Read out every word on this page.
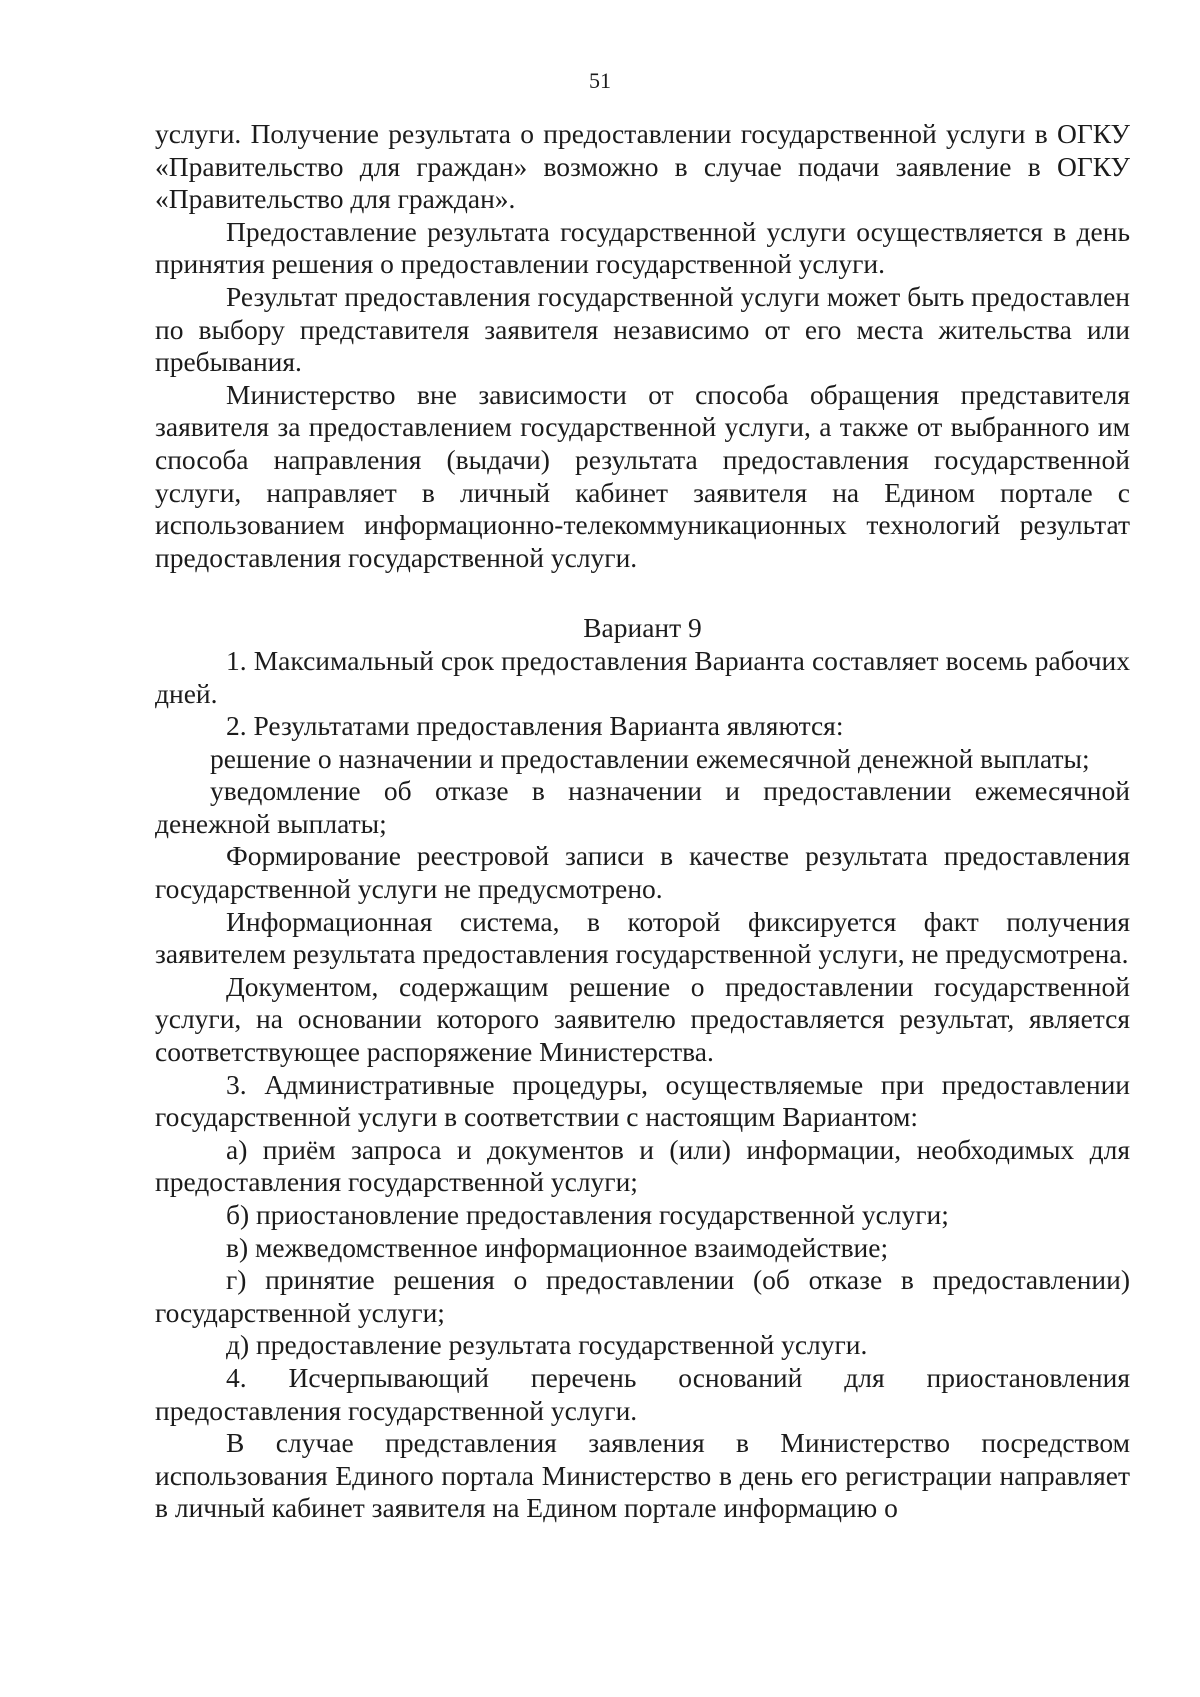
51

услуги. Получение результата о предоставлении государственной услуги в ОГКУ «Правительство для граждан» возможно в случае подачи заявление в ОГКУ «Правительство для граждан».

Предоставление результата государственной услуги осуществляется в день принятия решения о предоставлении государственной услуги.

Результат предоставления государственной услуги может быть предоставлен по выбору представителя заявителя независимо от его места жительства или пребывания.

Министерство вне зависимости от способа обращения представителя заявителя за предоставлением государственной услуги, а также от выбранного им способа направления (выдачи) результата предоставления государственной услуги, направляет в личный кабинет заявителя на Едином портале с использованием информационно-телекоммуникационных технологий результат предоставления государственной услуги.

Вариант 9

1. Максимальный срок предоставления Варианта составляет восемь рабочих дней.

2. Результатами предоставления Варианта являются:

решение о назначении и предоставлении ежемесячной денежной выплаты;

уведомление об отказе в назначении и предоставлении ежемесячной денежной выплаты;

Формирование реестровой записи в качестве результата предоставления государственной услуги не предусмотрено.

Информационная система, в которой фиксируется факт получения заявителем результата предоставления государственной услуги, не предусмотрена.

Документом, содержащим решение о предоставлении государственной услуги, на основании которого заявителю предоставляется результат, является соответствующее распоряжение Министерства.

3. Административные процедуры, осуществляемые при предоставлении государственной услуги в соответствии с настоящим Вариантом:

а) приём запроса и документов и (или) информации, необходимых для предоставления государственной услуги;

б) приостановление предоставления государственной услуги;

в) межведомственное информационное взаимодействие;

г) принятие решения о предоставлении (об отказе в предоставлении) государственной услуги;

д) предоставление результата государственной услуги.

4. Исчерпывающий перечень оснований для приостановления предоставления государственной услуги.

В случае представления заявления в Министерство посредством использования Единого портала Министерство в день его регистрации направляет в личный кабинет заявителя на Едином портале информацию о
